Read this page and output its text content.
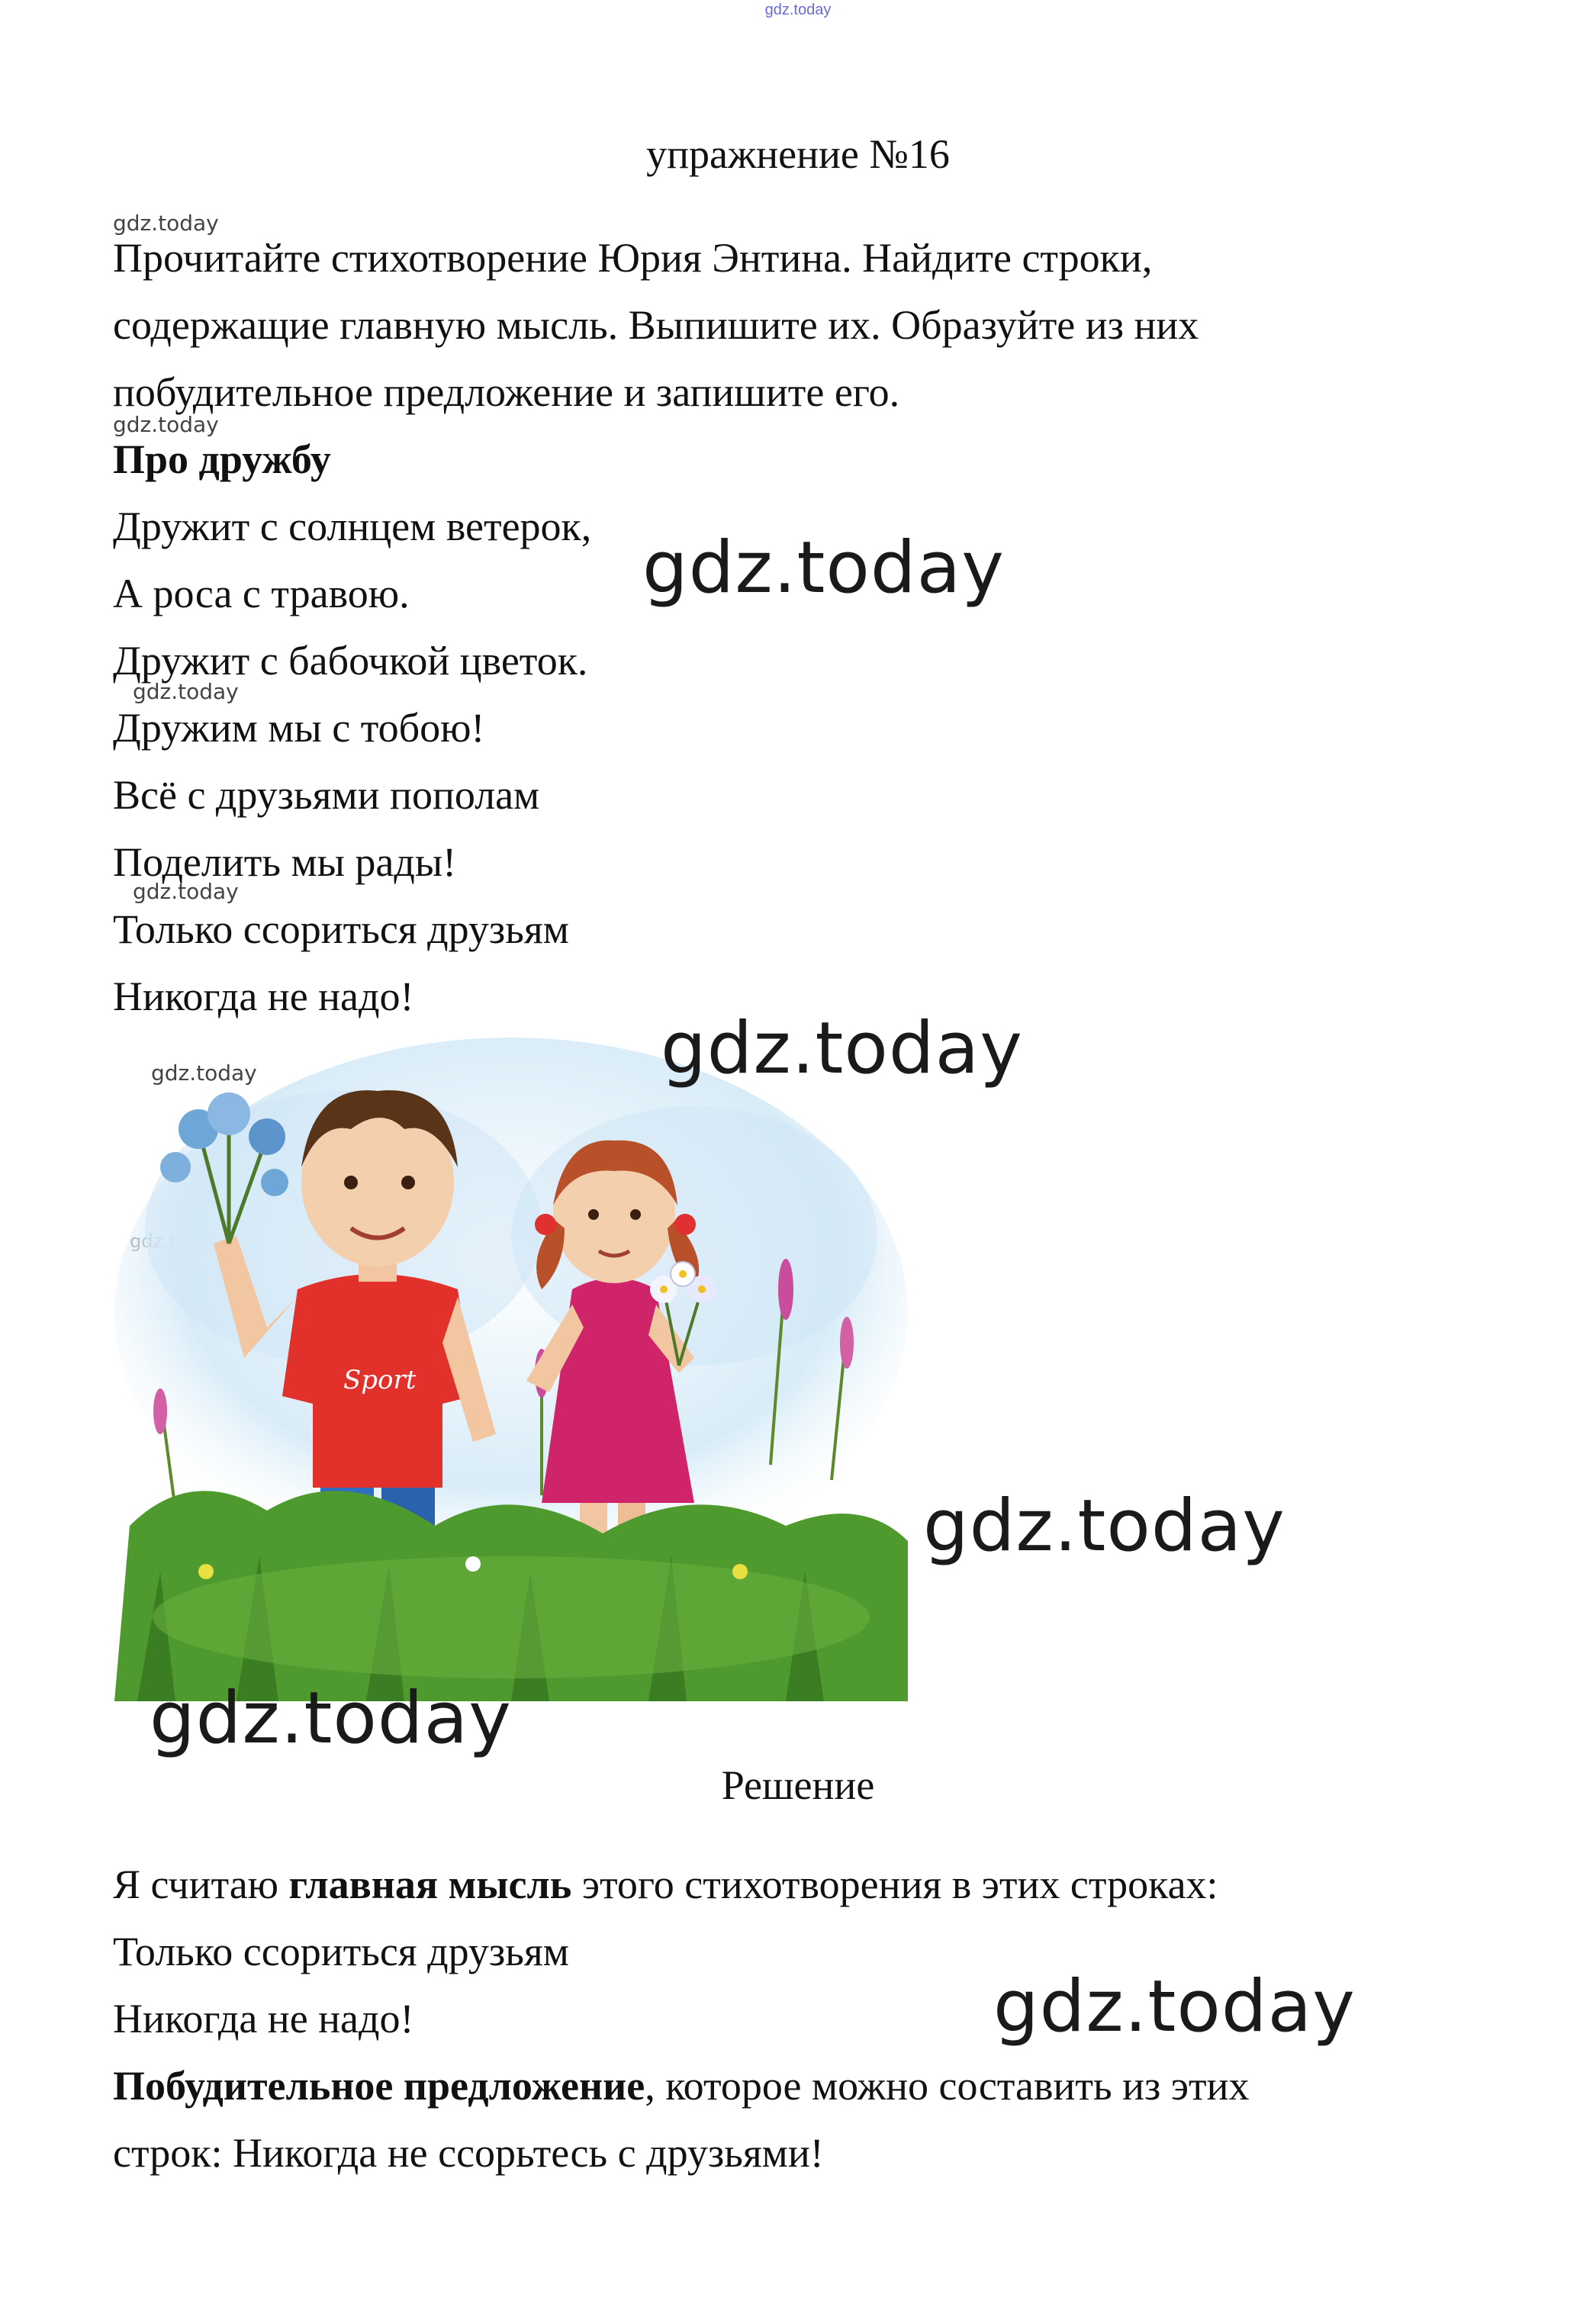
gdz.today
упражнение №16
gdz.today
gdz.today
gdz.today
gdz.today
gdz.today
Прочитайте стихотворение Юрия Энтина. Найдите строки,
содержащие главную мысль. Выпишите их. Образуйте из них
побудительное предложение и запишите его.
Про дружбу
Дружит с солнцем ветерок,
А роса с травою.
Дружит с бабочкой цветок.
Дружим мы с тобою!
Всё с друзьями пополам
Поделить мы рады!
Только ссориться друзьям
Никогда не надо!
Sport
gdz.today
gdz.today
gdz.today
gdz.today
gdz.today
Решение
Я считаю главная мысль этого стихотворения в этих строках:
Только ссориться друзьям
Никогда не надо!
Побудительное предложение, которое можно составить из этих
строк: Никогда не ссорьтесь с друзьями!
